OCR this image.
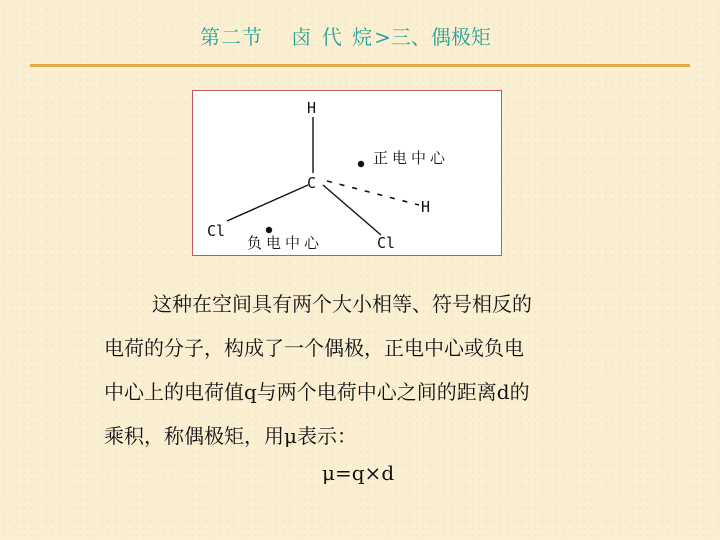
第二节 卤 代 烷>三、偶极矩
H
C
H
Cl
Cl
正电中心
负电中心

这种在空间具有两个大小相等、符号相反的

电荷的分子，构成了一个偶极，正电中心或负电

中心上的电荷值q与两个电荷中心之间的距离d的

乘积，称偶极矩，用μ表示：

μ=q×d
